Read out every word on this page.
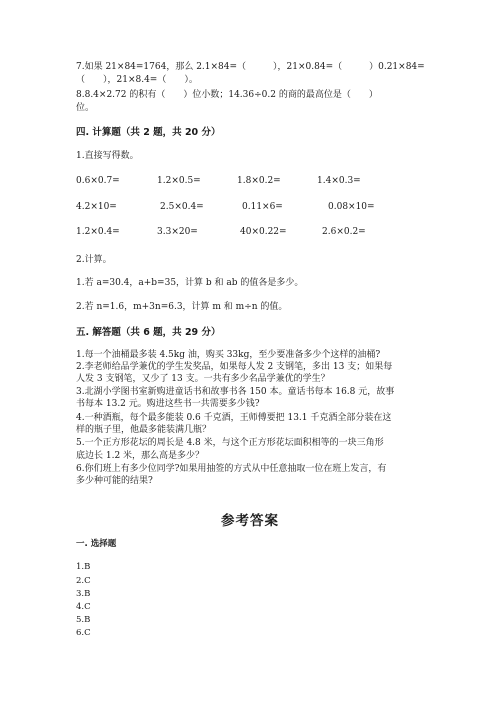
7.如果 21×84=1764，那么 2.1×84=（　　　），21×0.84=（　　　）0.21×84=
（　　），21×8.4=（　　）。
8.8.4×2.72 的积有（　　）位小数；14.36÷0.2 的商的最高位是（　　）
位。
四. 计算题（共 2 题，共 20 分）
1.直接写得数。
0.6×0.7=	1.2×0.5=	1.8×0.2=	1.4×0.3=
4.2×10=	2.5×0.4=	0.11×6=	0.08×10=
1.2×0.4=	3.3×20=	40×0.22=	2.6×0.2=
2.计算。
1.若 a=30.4，a+b=35，计算 b 和 ab 的值各是多少。
2.若 n=1.6，m+3n=6.3，计算 m 和 m÷n 的值。
五. 解答题（共 6 题，共 29 分）
1.每一个油桶最多装 4.5kg 油，购买 33kg，至少要准备多少个这样的油桶?
2.李老师给品学兼优的学生发奖品，如果每人发 2 支钢笔，多出 13 支；如果每
人发 3 支钢笔，又少了 13 支。一共有多少名品学兼优的学生？
3.北湖小学图书室新购进童话书和故事书各 150 本。童话书每本 16.8 元，故事
书每本 13.2 元。购进这些书一共需要多少钱?
4.一种酒瓶，每个最多能装 0.6 千克酒，王师傅要把 13.1 千克酒全部分装在这
样的瓶子里，他最多能装满几瓶？
5.一个正方形花坛的周长是 4.8 米，与这个正方形花坛面积相等的一块三角形
底边长 1.2 米，那么高是多少？
6.你们班上有多少位同学?如果用抽签的方式从中任意抽取一位在班上发言，有
多少种可能的结果?
参考答案
一. 选择题
1.B
2.C
3.B
4.C
5.B
6.C
